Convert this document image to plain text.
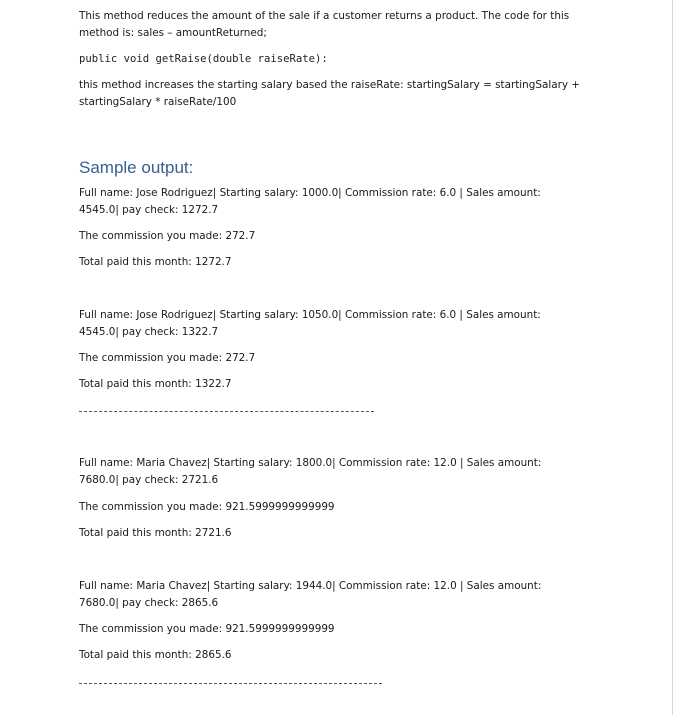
This method reduces the amount of the sale if a customer returns a product. The code for this
method is: sales – amountReturned;
public void getRaise(double raiseRate):
this method increases the starting salary based the raiseRate: startingSalary = startingSalary +
startingSalary * raiseRate/100
Sample output:
Full name: Jose Rodriguez| Starting salary: 1000.0| Commission rate: 6.0 | Sales amount:
4545.0| pay check: 1272.7
The commission you made: 272.7
Total paid this month: 1272.7
Full name: Jose Rodriguez| Starting salary: 1050.0| Commission rate: 6.0 | Sales amount:
4545.0| pay check: 1322.7
The commission you made: 272.7
Total paid this month: 1322.7
Full name: Maria Chavez| Starting salary: 1800.0| Commission rate: 12.0 | Sales amount:
7680.0| pay check: 2721.6
The commission you made: 921.5999999999999
Total paid this month: 2721.6
Full name: Maria Chavez| Starting salary: 1944.0| Commission rate: 12.0 | Sales amount:
7680.0| pay check: 2865.6
The commission you made: 921.5999999999999
Total paid this month: 2865.6
